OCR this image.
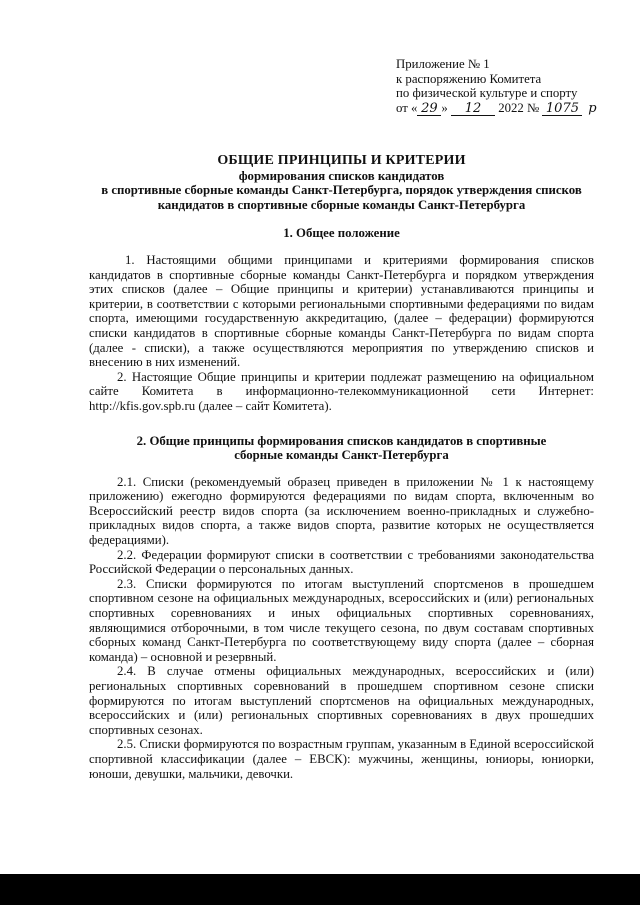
Приложение № 1
к распоряжению Комитета
по физической культуре и спорту
от « 29 » 12 2022 № 1075 р
ОБЩИЕ ПРИНЦИПЫ И КРИТЕРИИ
формирования списков кандидатов
в спортивные сборные команды Санкт-Петербурга, порядок утверждения списков
кандидатов в спортивные сборные команды Санкт-Петербурга
1. Общее положение

1. Настоящими общими принципами и критериями формирования списков кандидатов в спортивные сборные команды Санкт-Петербурга и порядком утверждения этих списков (далее – Общие принципы и критерии) устанавливаются принципы и критерии, в соответствии с которыми региональными спортивными федерациями по видам спорта, имеющими государственную аккредитацию, (далее – федерации) формируются списки кандидатов в спортивные сборные команды Санкт-Петербурга по видам спорта (далее - списки), а также осуществляются мероприятия по утверждению списков и внесению в них изменений.

2. Настоящие Общие принципы и критерии подлежат размещению на официальном сайте Комитета в информационно-телекоммуникационной сети Интернет: http://kfis.gov.spb.ru (далее – сайт Комитета).

2. Общие принципы формирования списков кандидатов в спортивные
сборные команды Санкт-Петербурга

2.1. Списки (рекомендуемый образец приведен в приложении № 1 к настоящему приложению) ежегодно формируются федерациями по видам спорта, включенным во Всероссийский реестр видов спорта (за исключением военно-прикладных и служебно-прикладных видов спорта, а также видов спорта, развитие которых не осуществляется федерациями).

2.2. Федерации формируют списки в соответствии с требованиями законодательства Российской Федерации о персональных данных.

2.3. Списки формируются по итогам выступлений спортсменов в прошедшем спортивном сезоне на официальных международных, всероссийских и (или) региональных спортивных соревнованиях и иных официальных спортивных соревнованиях, являющимися отборочными, в том числе текущего сезона, по двум составам спортивных сборных команд Санкт-Петербурга по соответствующему виду спорта (далее – сборная команда) – основной и резервный.

2.4. В случае отмены официальных международных, всероссийских и (или) региональных спортивных соревнований в прошедшем спортивном сезоне списки формируются по итогам выступлений спортсменов на официальных международных, всероссийских и (или) региональных спортивных соревнованиях в двух прошедших спортивных сезонах.

2.5. Списки формируются по возрастным группам, указанным в Единой всероссийской спортивной классификации (далее – ЕВСК): мужчины, женщины, юниоры, юниорки, юноши, девушки, мальчики, девочки.
